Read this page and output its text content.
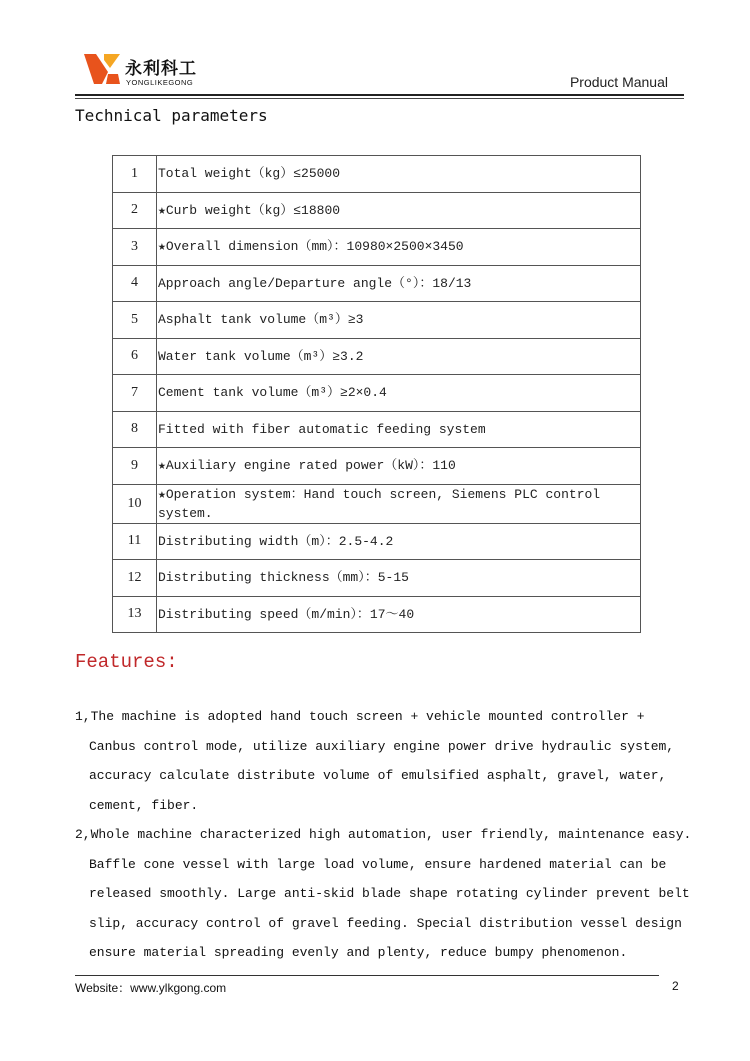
永利科工
YONGLIKEGONG	Product Manual
Technical parameters
1	Total weight（kg）≤25000
2	★Curb weight（kg）≤18800
3	★Overall dimension（mm）：10980×2500×3450
4	Approach angle/Departure angle（°）：18/13
5	Asphalt tank volume（m³）≥3
6	Water tank volume（m³）≥3.2
7	Cement tank volume（m³）≥2×0.4
8	Fitted with fiber automatic feeding system
9	★Auxiliary engine rated power（kW）：110
10	★Operation system：Hand touch screen, Siemens PLC control system.
11	Distributing width（m）：2.5-4.2
12	Distributing thickness（mm）：5-15
13	Distributing speed（m/min）：17～40
Features:
1,The machine is adopted hand touch screen + vehicle mounted controller +
Canbus control mode, utilize auxiliary engine power drive hydraulic system,
accuracy calculate distribute volume of emulsified asphalt, gravel, water,
cement, fiber.
2,Whole machine characterized high automation, user friendly, maintenance easy.
Baffle cone vessel with large load volume, ensure hardened material can be
released smoothly. Large anti-skid blade shape rotating cylinder prevent belt
slip, accuracy control of gravel feeding. Special distribution vessel design
ensure material spreading evenly and plenty, reduce bumpy phenomenon.
Website：www.ylkgong.com	2
